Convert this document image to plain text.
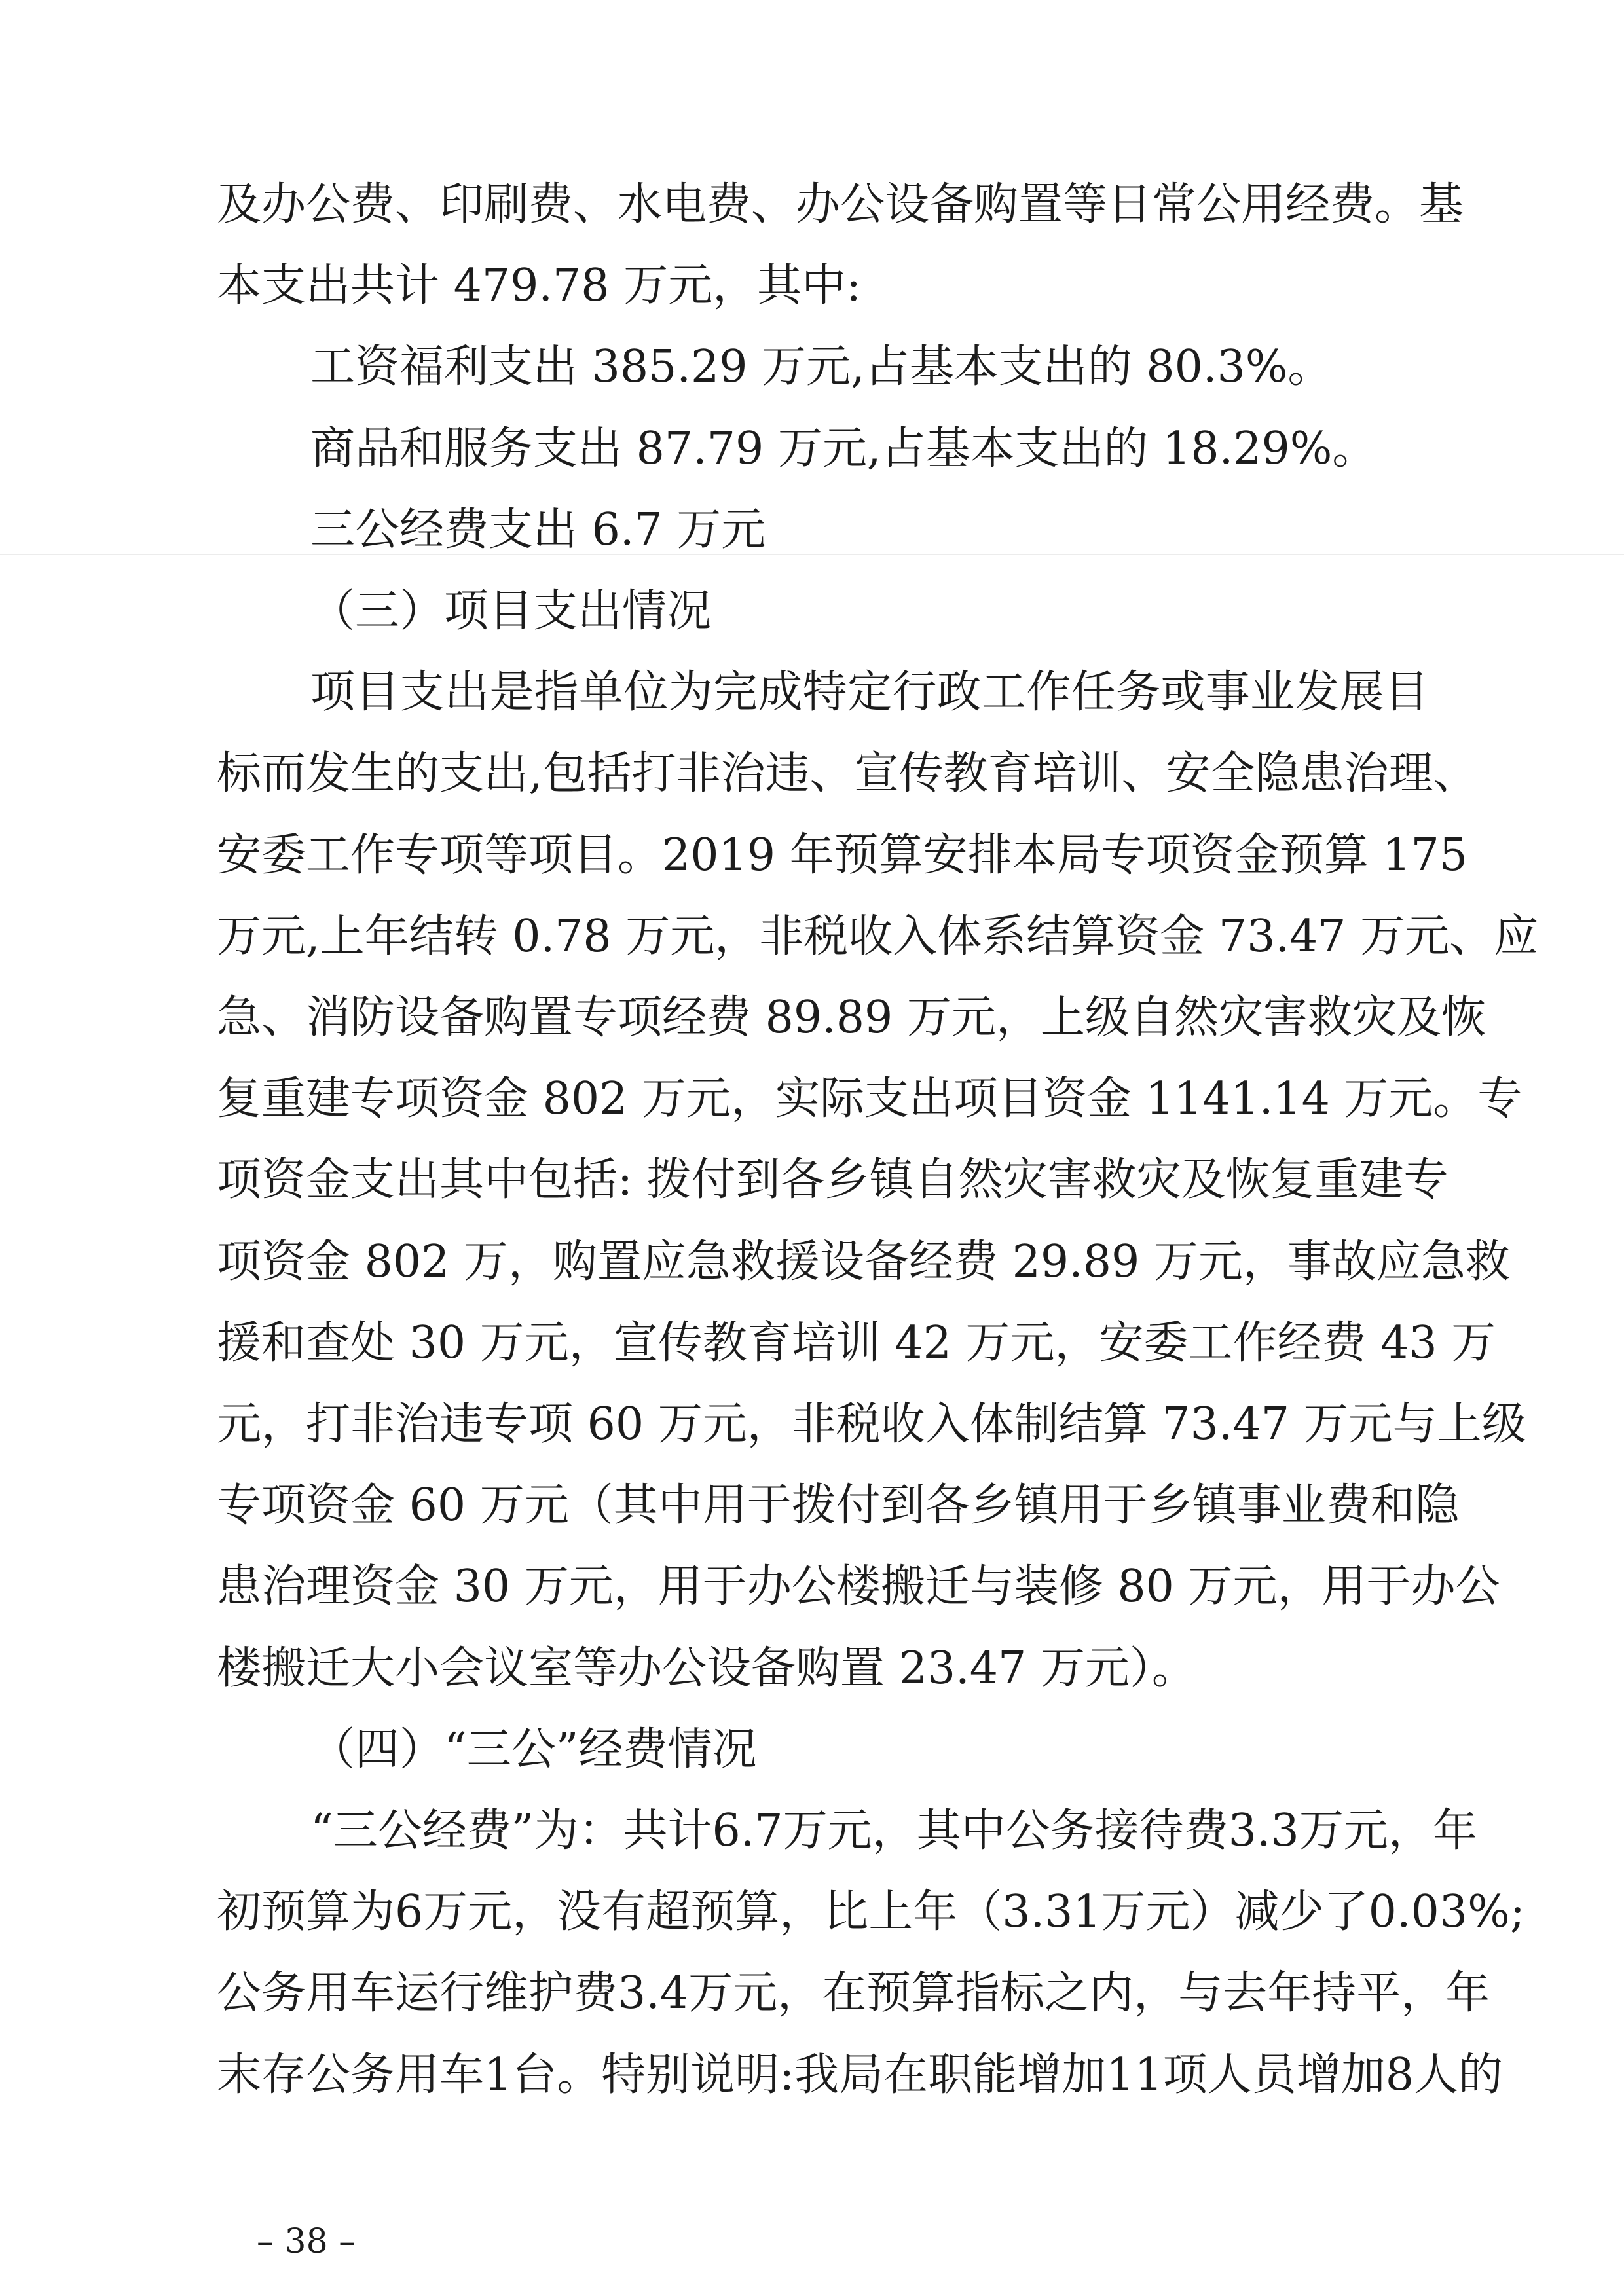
及办公费、印刷费、水电费、办公设备购置等日常公用经费。基
本支出共计 479.78 万元，其中:
工资福利支出 385.29 万元,占基本支出的 80.3%。
商品和服务支出 87.79 万元,占基本支出的 18.29%。
三公经费支出 6.7 万元
（三）项目支出情况
项目支出是指单位为完成特定行政工作任务或事业发展目
标而发生的支出,包括打非治违、宣传教育培训、安全隐患治理、
安委工作专项等项目。2019 年预算安排本局专项资金预算 175
万元,上年结转 0.78 万元，非税收入体系结算资金 73.47 万元、应
急、消防设备购置专项经费 89.89 万元，上级自然灾害救灾及恢
复重建专项资金 802 万元，实际支出项目资金 1141.14 万元。专
项资金支出其中包括: 拨付到各乡镇自然灾害救灾及恢复重建专
项资金 802 万，购置应急救援设备经费 29.89 万元，事故应急救
援和查处 30 万元，宣传教育培训 42 万元，安委工作经费 43 万
元，打非治违专项 60 万元，非税收入体制结算 73.47 万元与上级
专项资金 60 万元（其中用于拨付到各乡镇用于乡镇事业费和隐
患治理资金 30 万元，用于办公楼搬迁与装修 80 万元，用于办公
楼搬迁大小会议室等办公设备购置 23.47 万元）。
（四）“三公”经费情况
“三公经费”为：共计6.7万元，其中公务接待费3.3万元，年
初预算为6万元，没有超预算，比上年（3.31万元）减少了0.03%;
公务用车运行维护费3.4万元，在预算指标之内，与去年持平，年
末存公务用车1台。特别说明:我局在职能增加11项人员增加8人的
– 38 –
